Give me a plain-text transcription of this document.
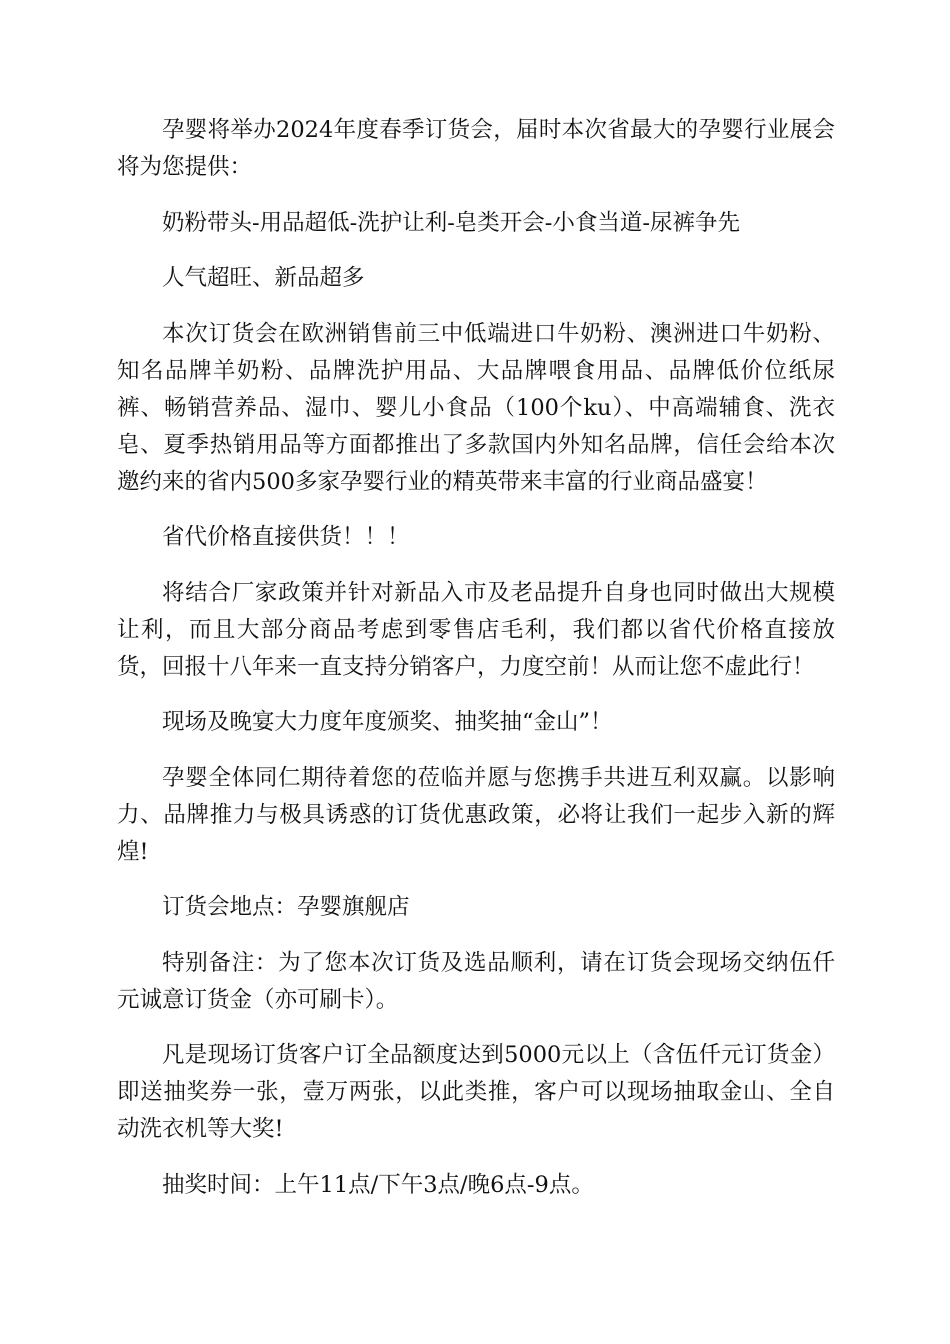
孕婴将举办2024年度春季订货会，届时本次省最大的孕婴行业展会将为您提供：

奶粉带头-用品超低-洗护让利-皂类开会-小食当道-尿裤争先

人气超旺、新品超多

本次订货会在欧洲销售前三中低端进口牛奶粉、澳洲进口牛奶粉、知名品牌羊奶粉、品牌洗护用品、大品牌喂食用品、品牌低价位纸尿裤、畅销营养品、湿巾、婴儿小食品（100个ku）、中高端辅食、洗衣皂、夏季热销用品等方面都推出了多款国内外知名品牌，信任会给本次邀约来的省内500多家孕婴行业的精英带来丰富的行业商品盛宴！

省代价格直接供货！！！

将结合厂家政策并针对新品入市及老品提升自身也同时做出大规模让利，而且大部分商品考虑到零售店毛利，我们都以省代价格直接放货，回报十八年来一直支持分销客户，力度空前！从而让您不虚此行！

现场及晚宴大力度年度颁奖、抽奖抽“金山”！

孕婴全体同仁期待着您的莅临并愿与您携手共进互利双赢。以影响力、品牌推力与极具诱惑的订货优惠政策，必将让我们一起步入新的辉煌!

订货会地点：孕婴旗舰店

特别备注：为了您本次订货及选品顺利，请在订货会现场交纳伍仟元诚意订货金（亦可刷卡）。

凡是现场订货客户订全品额度达到5000元以上（含伍仟元订货金）即送抽奖券一张，壹万两张，以此类推，客户可以现场抽取金山、全自动洗衣机等大奖!

抽奖时间：上午11点/下午3点/晚6点-9点。
